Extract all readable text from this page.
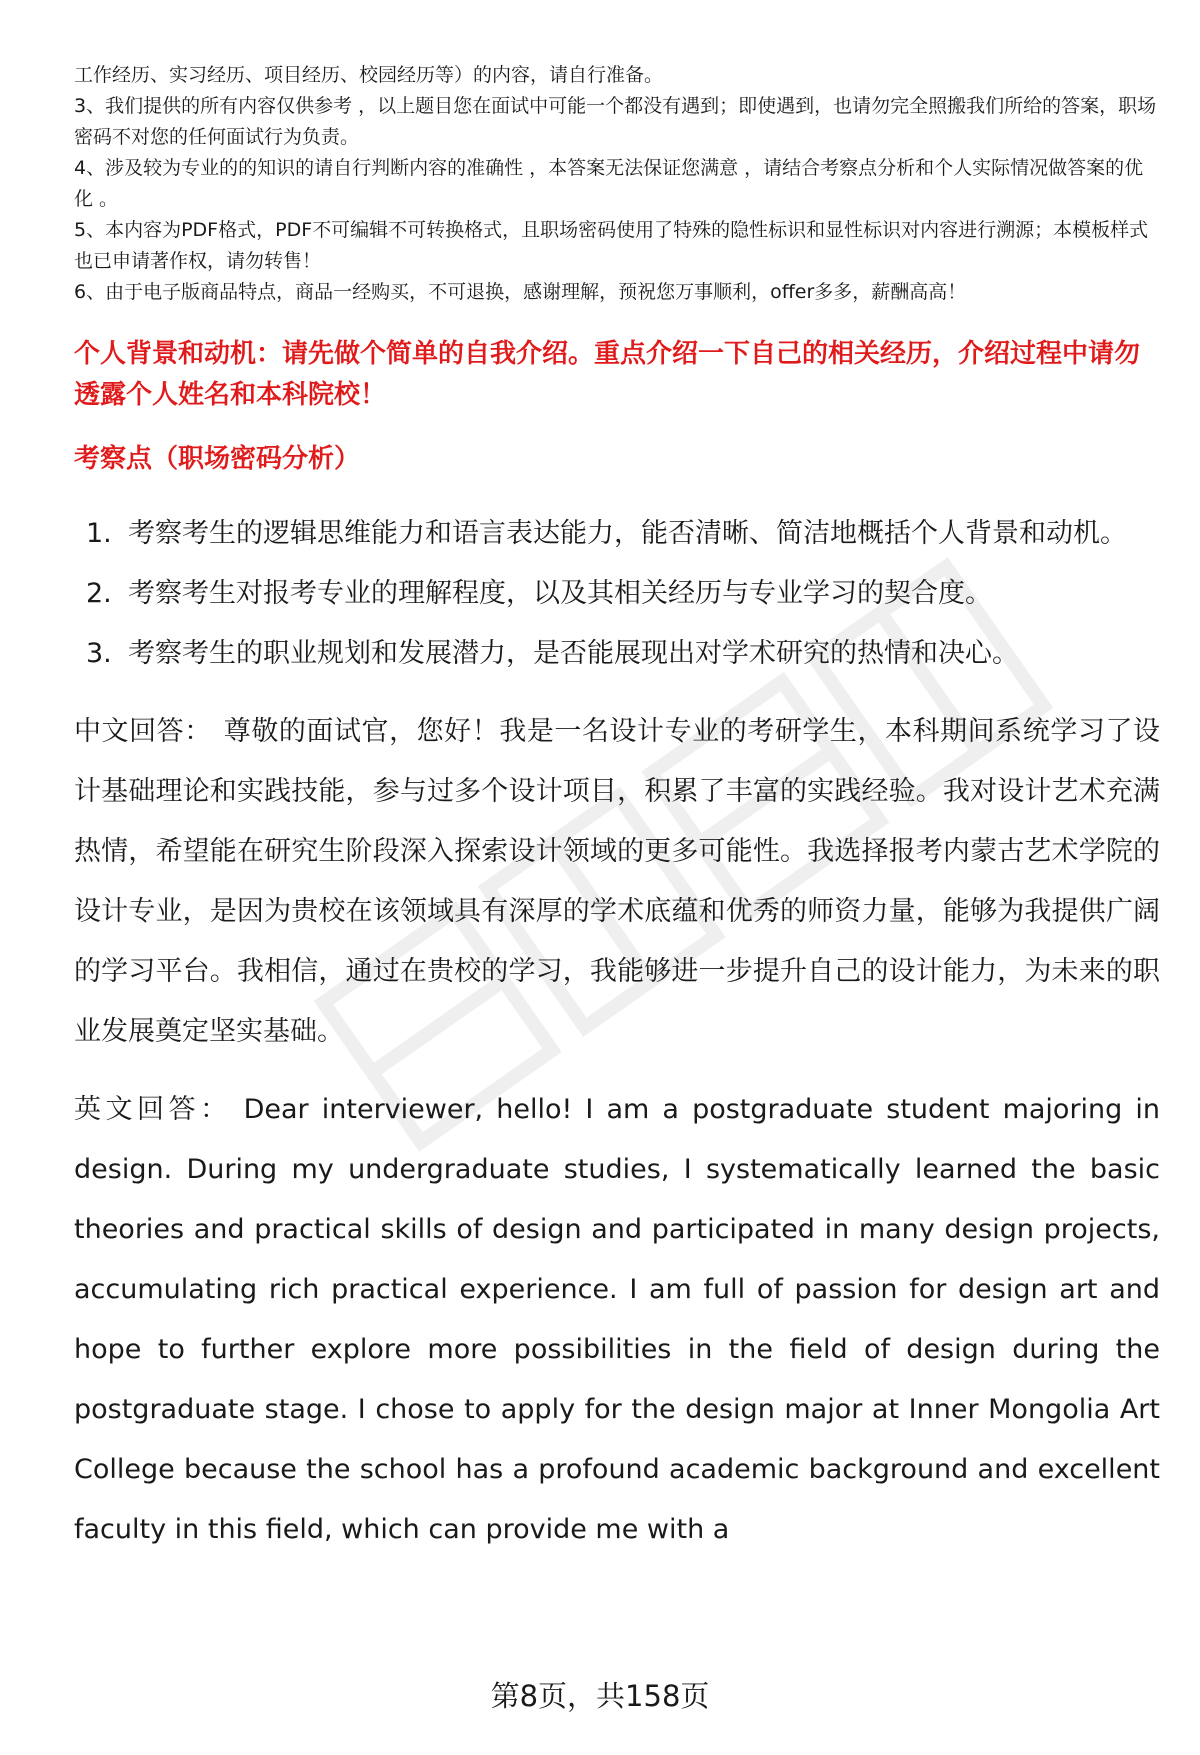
工作经历、实习经历、项目经历、校园经历等）的内容，请自行准备。

3、我们提供的所有内容仅供参考 ，以上题目您在面试中可能一个都没有遇到；即使遇到，也请勿完全照搬我们所给的答案，职场密码不对您的任何面试行为负责。

4、涉及较为专业的的知识的请自行判断内容的准确性 ，本答案无法保证您满意 ，请结合考察点分析和个人实际情况做答案的优化 。

5、本内容为PDF格式，PDF不可编辑不可转换格式，且职场密码使用了特殊的隐性标识和显性标识对内容进行溯源；本模板样式也已申请著作权，请勿转售！

6、由于电子版商品特点，商品一经购买，不可退换，感谢理解，预祝您万事顺利，offer多多，薪酬高高！

个人背景和动机：请先做个简单的自我介绍。重点介绍一下自己的相关经历，介绍过程中请勿透露个人姓名和本科院校！
考察点（职场密码分析）
1. 考察考生的逻辑思维能力和语言表达能力，能否清晰、简洁地概括个人背景和动机。
2. 考察考生对报考专业的理解程度，以及其相关经历与专业学习的契合度。
3. 考察考生的职业规划和发展潜力，是否能展现出对学术研究的热情和决心。
中文回答： 尊敬的面试官，您好！我是一名设计专业的考研学生，本科期间系统学习了设计基础理论和实践技能，参与过多个设计项目，积累了丰富的实践经验。我对设计艺术充满热情，希望能在研究生阶段深入探索设计领域的更多可能性。我选择报考内蒙古艺术学院的设计专业，是因为贵校在该领域具有深厚的学术底蕴和优秀的师资力量，能够为我提供广阔的学习平台。我相信，通过在贵校的学习，我能够进一步提升自己的设计能力，为未来的职业发展奠定坚实基础。
英文回答： Dear interviewer, hello! I am a postgraduate student majoring in design. During my undergraduate studies, I systematically learned the basic theories and practical skills of design and participated in many design projects, accumulating rich practical experience. I am full of passion for design art and hope to further explore more possibilities in the field of design during the postgraduate stage. I chose to apply for the design major at Inner Mongolia Art College because the school has a profound academic background and excellent faculty in this field, which can provide me with a
第8页，共158页
